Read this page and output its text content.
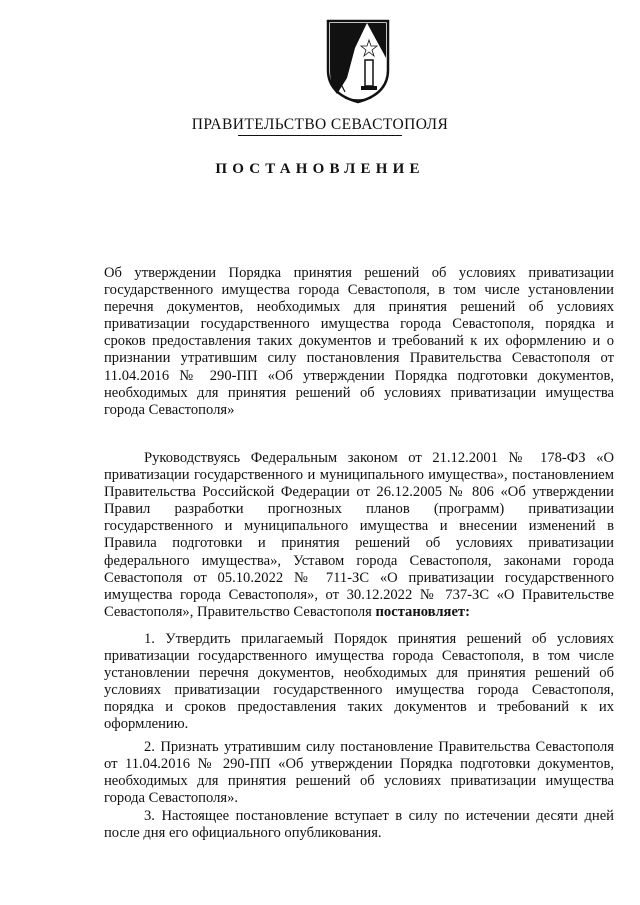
ПРАВИТЕЛЬСТВО СЕВАСТОПОЛЯ
ПОСТАНОВЛЕНИЕ

Об утверждении Порядка принятия решений об условиях приватизации государственного имущества города Севастополя, в том числе установлении перечня документов, необходимых для принятия решений об условиях приватизации государственного имущества города Севастополя, порядка и сроков предоставления таких документов и требований к их оформлению и о признании утратившим силу постановления Правительства Севастополя от 11.04.2016 № 290-ПП «Об утверждении Порядка подготовки документов, необходимых для принятия решений об условиях приватизации имущества города Севастополя»

Руководствуясь Федеральным законом от 21.12.2001 № 178-ФЗ «О приватизации государственного и муниципального имущества», постановлением Правительства Российской Федерации от 26.12.2005 № 806 «Об утверждении Правил разработки прогнозных планов (программ) приватизации государственного и муниципального имущества и внесении изменений в Правила подготовки и принятия решений об условиях приватизации федерального имущества», Уставом города Севастополя, законами города Севастополя от 05.10.2022 № 711-ЗС «О приватизации государственного имущества города Севастополя», от 30.12.2022 № 737-ЗС «О Правительстве Севастополя», Правительство Севастополя постановляет:

1. Утвердить прилагаемый Порядок принятия решений об условиях приватизации государственного имущества города Севастополя, в том числе установлении перечня документов, необходимых для принятия решений об условиях приватизации государственного имущества города Севастополя, порядка и сроков предоставления таких документов и требований к их оформлению.

2. Признать утратившим силу постановление Правительства Севастополя от 11.04.2016 № 290-ПП «Об утверждении Порядка подготовки документов, необходимых для принятия решений об условиях приватизации имущества города Севастополя».

3. Настоящее постановление вступает в силу по истечении десяти дней после дня его официального опубликования.
